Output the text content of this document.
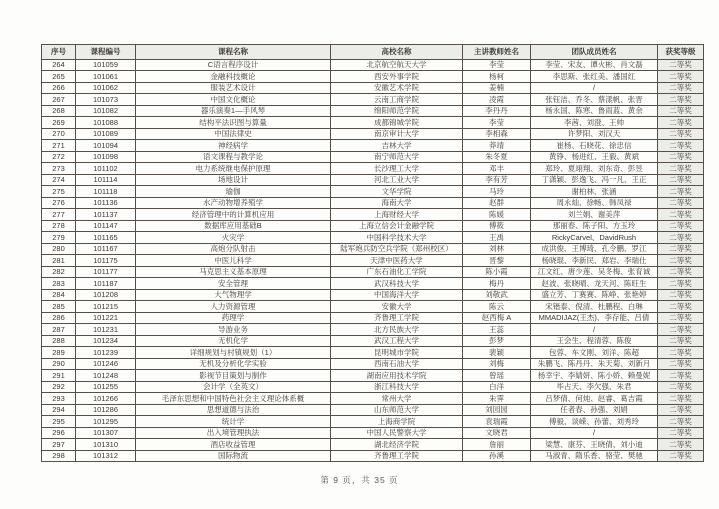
序号	课程编号	课程名称	高校名称	主讲教师姓名	团队成员姓名	获奖等级
264	101059	C语言程序设计	北京航空航天大学	李莹	李莹、宋友、谭火彬、肖文磊	二等奖
265	101061	金融科技概论	西安外事学院	杨柯	李思斯、张红美、潘国红	二等奖
266	101062	服装艺术设计	安徽艺术学院	姜楠	/	二等奖
267	101073	中国文化概论	云南工商学院	凌霞	张钰洁、乔冬、蔡漾帆、张晋	二等奖
268	101082	器乐演奏1—手风琴	绵阳师范学院	李丹丹	杨永国、陈寒、鲁雨蓝、黄余	二等奖
269	101088	结构平法识图与算量	成都锦城学院	李莹	李茜、刘澄、王帅	二等奖
270	101089	中国法律史	南京审计大学	李相森	许梦阳、刘汉天	二等奖
271	101094	神经病学	吉林大学	莽靖	崔杨、石晓花、徐忠信	二等奖
272	101098	语文课程与教学论	南宁师范大学	朱冬夏	黄铮、杨进红、王毅、黄斌	二等奖
273	101102	电力系统继电保护原理	长沙理工大学	邓丰	郑玲、夏翊翔、刘东奇、彭昱	二等奖
274	101114	场地设计	河北工业大学	李有芳	丁潇颖、彭逸飞、冯一凡、王正	二等奖
275	101118	瑜伽	文华学院	马玲	谢柏林、张涵	二等奖
276	101136	水产动物增养殖学	海南大学	赵群	周永灿、徐畅、韩凤禄	二等奖
277	101137	经济管理中的计算机应用	上海财经大学	陈媛	刘兰娟、谢美萍	二等奖
278	101147	数据库应用基础B	上海立信会计金融学院	傅筱	那丽春、陈子阳、方玉玲	二等奖
279	101165	火灾学	中国科学技术大学	王禹	RickyCarvel、DavidRush	二等奖
280	101167	高炮分队射击	陆军炮兵防空兵学院（郑州校区）	刘林	成洪俊、王博琦、孔令鹏、罗江	二等奖
281	101175	中医儿科学	天津中医药大学	晋黎	杨晓琨、李新民、郑岩、李瑞仕	二等奖
282	101177	马克思主义基本原理	广东石油化工学院	陈小霞	江文红、唐少莲、吴冬梅、张育诚	二等奖
283	101187	安全管理	武汉科技大学	梅丹	赵波、张晓晴、龙天河、陈旺生	二等奖
284	101208	大气物理学	中国海洋大学	刘敬武	盛立芳、丁赛赛、陈峥、张艳婷	二等奖
285	101215	人力资源管理	安徽大学	陈云	宋锴泰、倪清、杜鹏程、白琳	二等奖
286	101221	药理学	齐鲁理工学院	赵西梅 A	MMADIJAZ(王杰)、李存能、吕倩	二等奖
287	101231	导游业务	北方民族大学	王蕊	/	二等奖
288	101234	无机化学	武汉工程大学	彭梦	王会生、程清蓉、陈俊	二等奖
289	101239	详细规划与村镇规划（1）	昆明城市学院	裴颖	包蓉、车文刚、刘洋、陈超	二等奖
290	101246	无机及分析化学实验	西南石油大学	刘梅	朱鹏飞、陈丹丹、朱天菊、刘新月	二等奖
291	101248	影视节目策划与制作	湖南应用技术学院	曾瑶	杨幸宇、李婧妍、陈小娇、赖曼妮	二等奖
292	101255	会计学（全英文）	浙江科技大学	白洋	毕占天、李欠强、朱君	二等奖
293	101266	毛泽东思想和中国特色社会主义理论体系概	常州大学	朱霁	吕梦倩、何炖、赵睿、葛吉霞	二等奖
294	101286	思想道德与法治	山东师范大学	刘园园	任者春、孙强、刘娟	二等奖
295	101295	统计学	上海商学院	袁瑞霞	傅毅、谈嵘、孙蕾、刘秀玲	二等奖
296	101307	出入境管理执法	中国人民警察大学	文晓君	/	二等奖
297	101310	酒店收益管理	湖北经济学院	詹丽	梁慧、康芬、王晓倩、刘小迪	二等奖
298	101312	国际物流	齐鲁理工学院	孙溪	马淑青、隋乐香、骆莹、樊驰	二等奖
第 9 页，共 35 页
